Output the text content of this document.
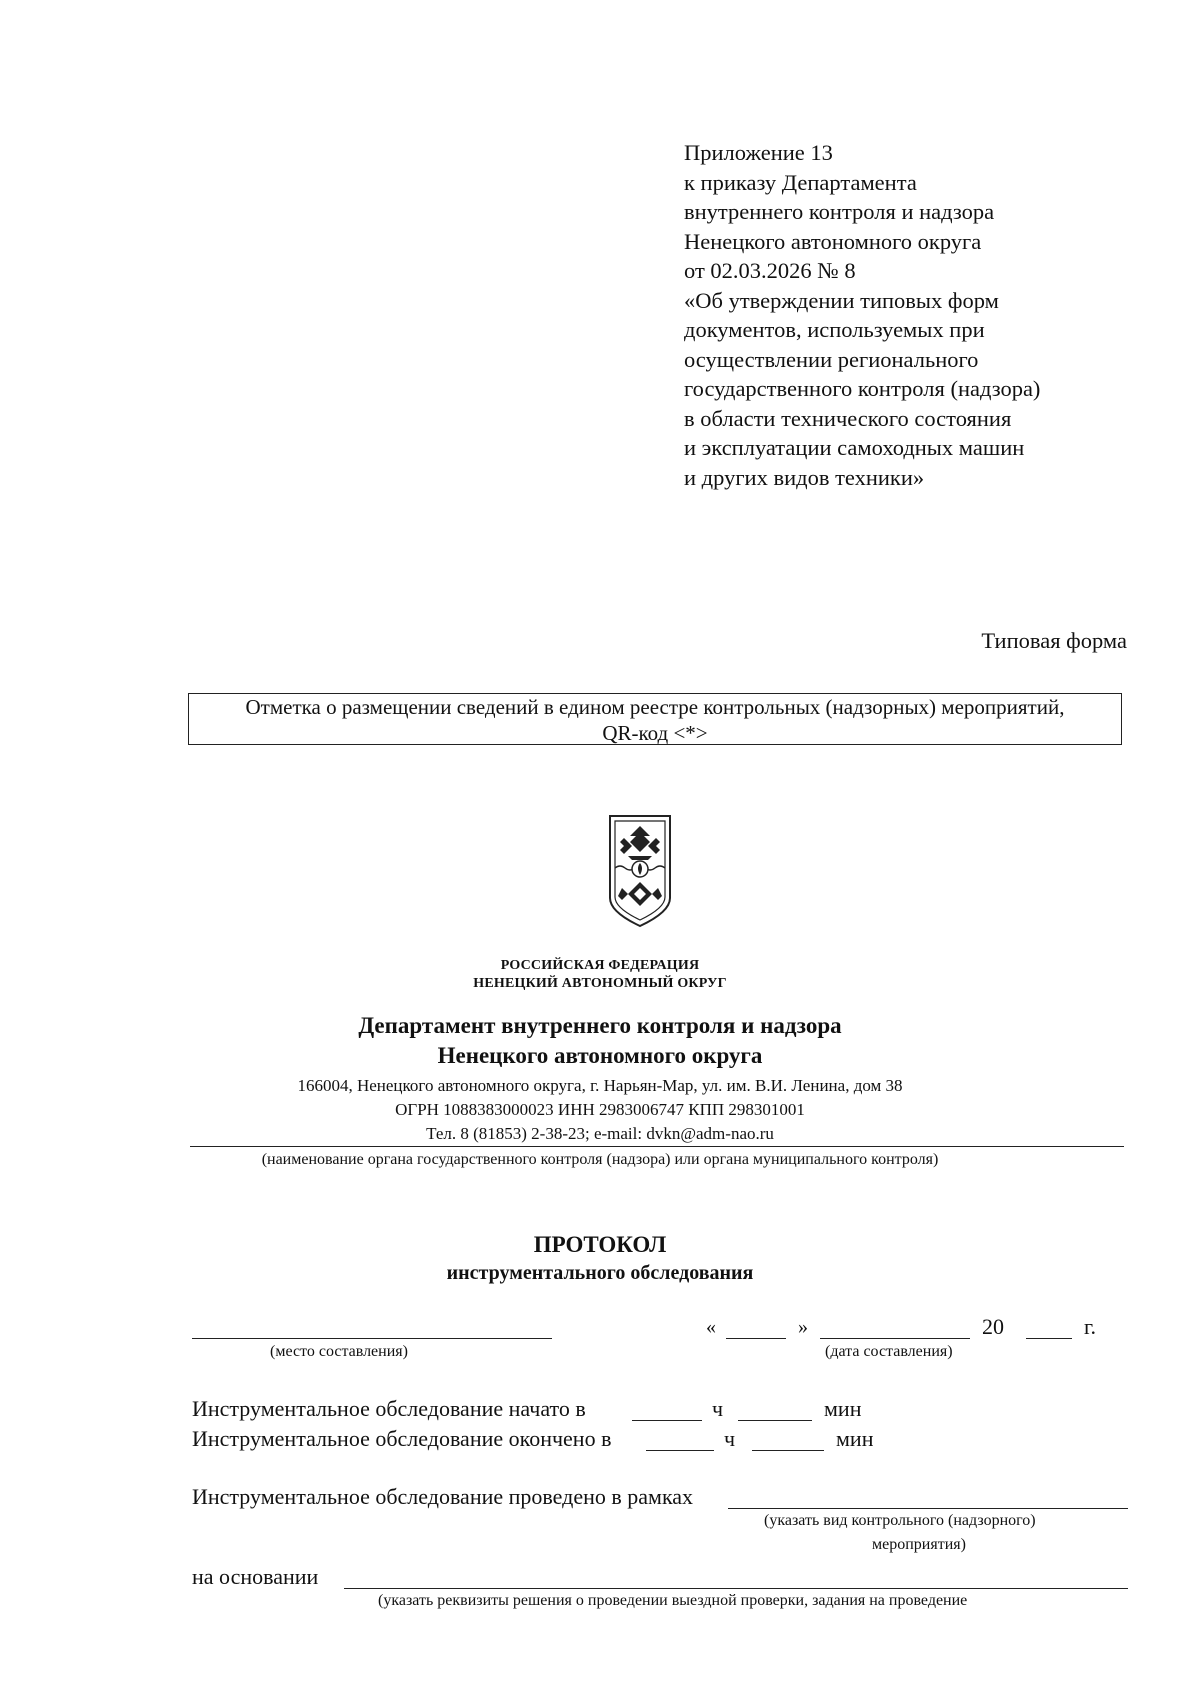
Приложение 13
к приказу Департамента
внутреннего контроля и надзора
Ненецкого автономного округа
от 02.03.2026 № 8
«Об утверждении типовых форм
документов, используемых при
осуществлении регионального
государственного контроля (надзора)
в области технического состояния
и эксплуатации самоходных машин
и других видов техники»
Типовая форма
Отметка о размещении сведений в едином реестре контрольных (надзорных) мероприятий,
QR-код <*>
РОССИЙСКАЯ ФЕДЕРАЦИЯ
НЕНЕЦКИЙ АВТОНОМНЫЙ ОКРУГ
Департамент внутреннего контроля и надзора
Ненецкого автономного округа
166004, Ненецкого автономного округа, г. Нарьян-Мар, ул. им. В.И. Ленина, дом 38
ОГРН 1088383000023 ИНН 2983006747 КПП 298301001
Тел. 8 (81853) 2-38-23; e-mail: dvkn@adm-nao.ru
(наименование органа государственного контроля (надзора) или органа муниципального контроля)
ПРОТОКОЛ
инструментального обследования
(место составления)
«	»	20	г.
(дата составления)
Инструментальное обследование начато в	ч	мин
Инструментальное обследование окончено в	ч	мин
Инструментальное обследование проведено в рамках
(указать вид контрольного (надзорного)
мероприятия)
на основании
(указать реквизиты решения о проведении выездной проверки, задания на проведение
